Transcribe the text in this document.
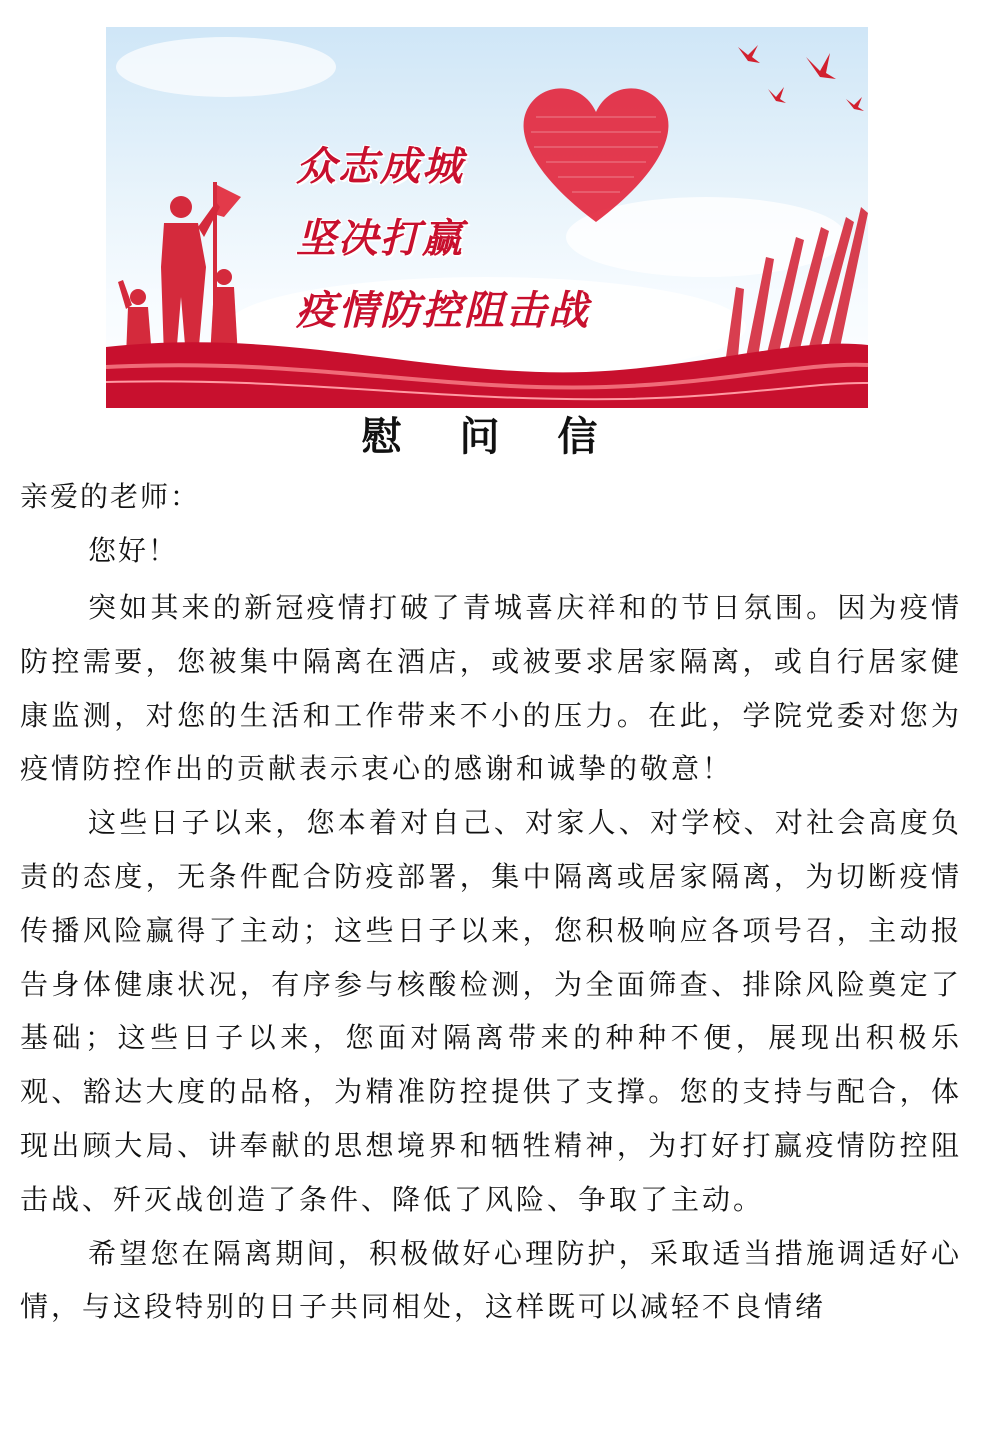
众志成城
坚决打赢
疫情防控阻击战
慰 问 信
亲爱的老师：
您好！

突如其来的新冠疫情打破了青城喜庆祥和的节日氛围。因为疫情防控需要，您被集中隔离在酒店，或被要求居家隔离，或自行居家健康监测，对您的生活和工作带来不小的压力。在此，学院党委对您为疫情防控作出的贡献表示衷心的感谢和诚挚的敬意！

这些日子以来，您本着对自己、对家人、对学校、对社会高度负责的态度，无条件配合防疫部署，集中隔离或居家隔离，为切断疫情传播风险赢得了主动；这些日子以来，您积极响应各项号召，主动报告身体健康状况，有序参与核酸检测，为全面筛查、排除风险奠定了基础；这些日子以来，您面对隔离带来的种种不便，展现出积极乐观、豁达大度的品格，为精准防控提供了支撑。您的支持与配合，体现出顾大局、讲奉献的思想境界和牺牲精神，为打好打赢疫情防控阻击战、歼灭战创造了条件、降低了风险、争取了主动。

希望您在隔离期间，积极做好心理防护，采取适当措施调适好心情，与这段特别的日子共同相处，这样既可以减轻不良情绪
